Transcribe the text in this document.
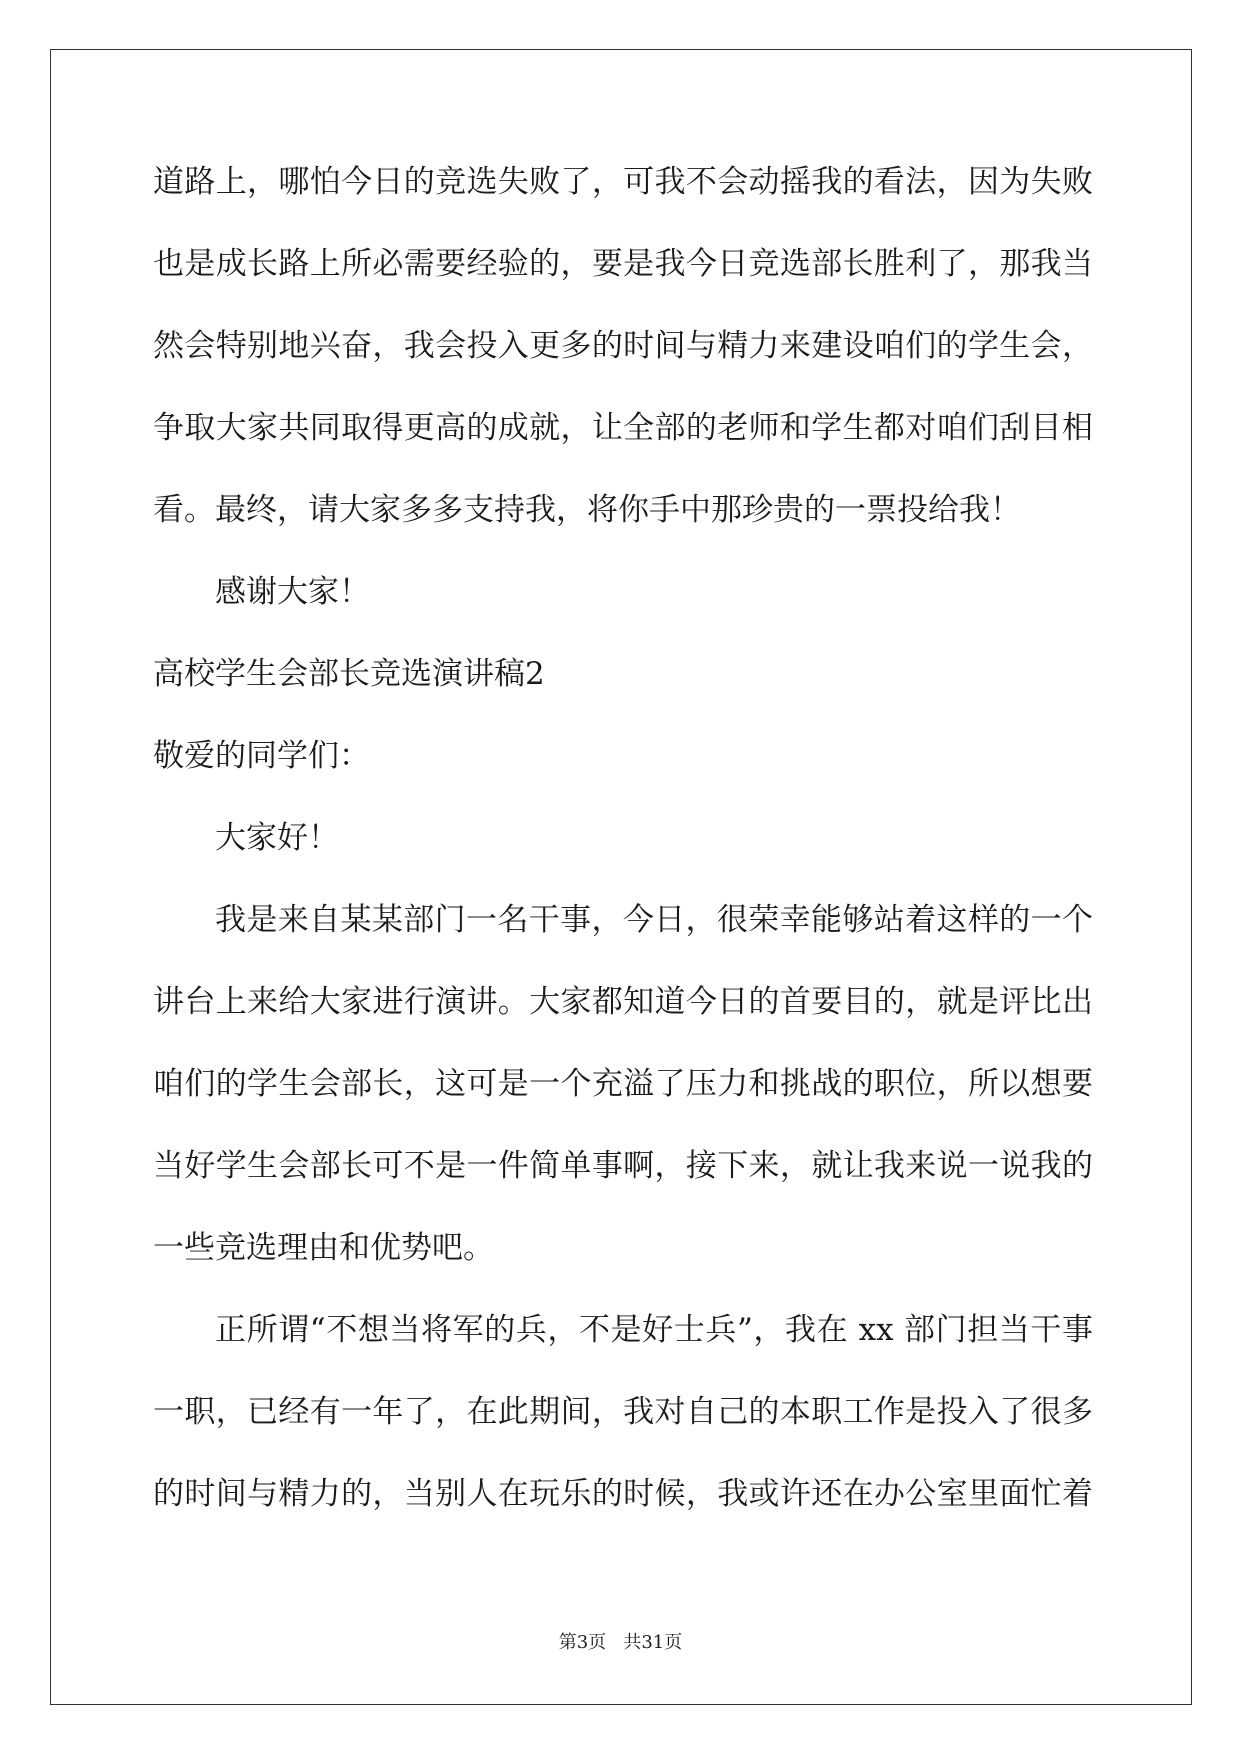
道路上，哪怕今日的竞选失败了，可我不会动摇我的看法，因为失败
也是成长路上所必需要经验的，要是我今日竞选部长胜利了，那我当
然会特别地兴奋，我会投入更多的时间与精力来建设咱们的学生会，
争取大家共同取得更高的成就，让全部的老师和学生都对咱们刮目相
看。最终，请大家多多支持我，将你手中那珍贵的一票投给我！
感谢大家！
高校学生会部长竞选演讲稿2
敬爱的同学们：
大家好！
我是来自某某部门一名干事，今日，很荣幸能够站着这样的一个
讲台上来给大家进行演讲。大家都知道今日的首要目的，就是评比出
咱们的学生会部长，这可是一个充溢了压力和挑战的职位，所以想要
当好学生会部长可不是一件简单事啊，接下来，就让我来说一说我的
一些竞选理由和优势吧。
正所谓“不想当将军的兵，不是好士兵”，我在 xx 部门担当干事
一职，已经有一年了，在此期间，我对自己的本职工作是投入了很多
的时间与精力的，当别人在玩乐的时候，我或许还在办公室里面忙着
第3页   共31页
